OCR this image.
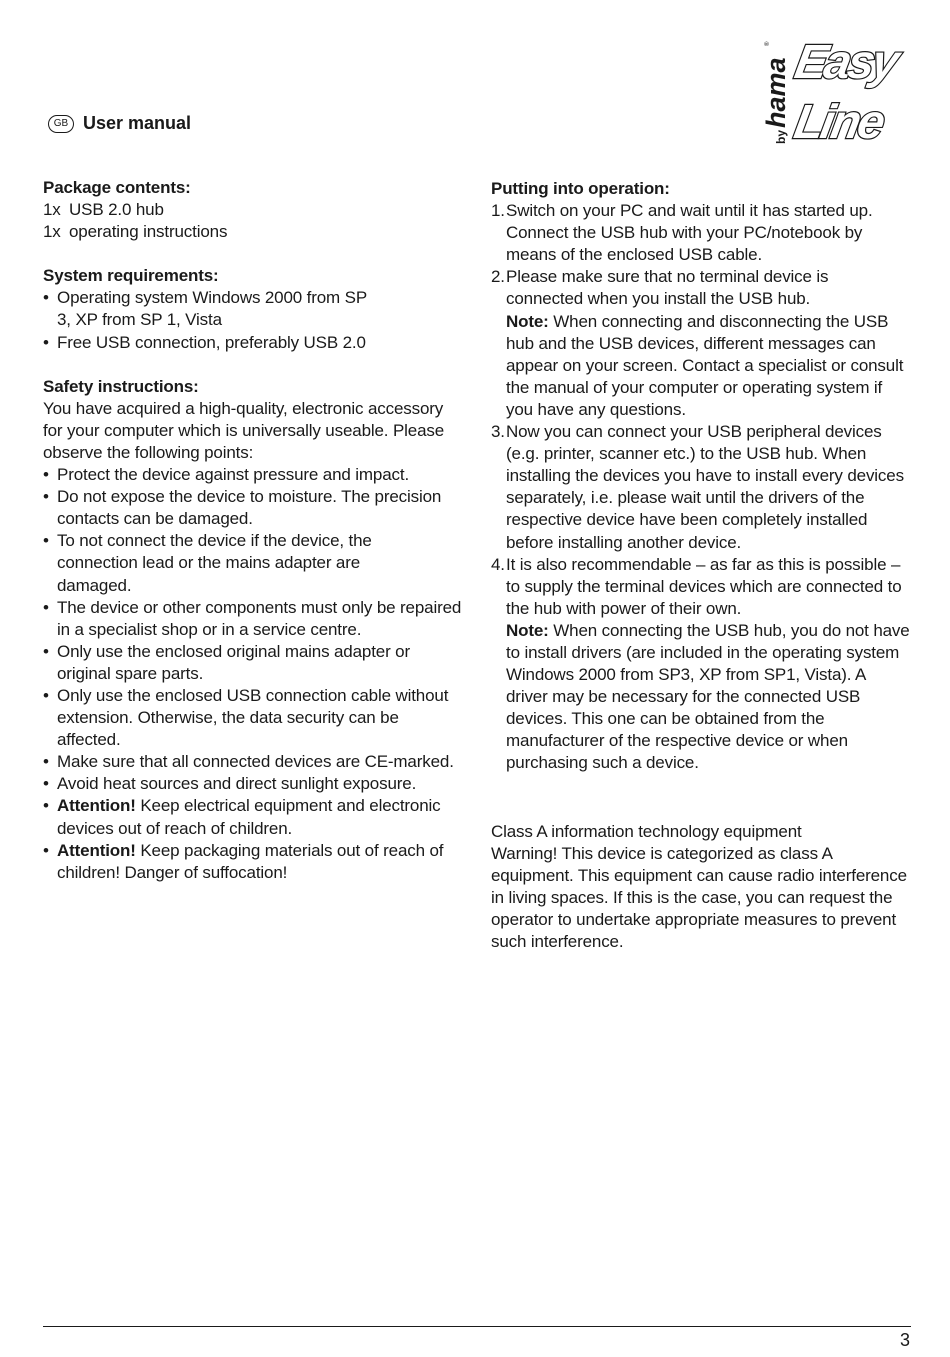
GB User manual
by
hama
® Easy
Line
Package contents:
1x USB 2.0 hub
1x operating instructions
System requirements:
• Operating system Windows 2000 from SP 3, XP from SP 1, Vista
• Free USB connection, preferably USB 2.0
Safety instructions:
You have acquired a high-quality, electronic accessory for your computer which is universally useable. Please observe the following points:
• Protect the device against pressure and impact.
• Do not expose the device to moisture. The precision contacts can be damaged.
• To not connect the device if the device, the connection lead or the mains adapter are damaged.
• The device or other components must only be repaired in a specialist shop or in a service centre.
• Only use the enclosed original mains adapter or original spare parts.
• Only use the enclosed USB connection cable without extension. Otherwise, the data security can be affected.
• Make sure that all connected devices are CE-marked.
• Avoid heat sources and direct sunlight exposure.
• Attention! Keep electrical equipment and electronic devices out of reach of children.
• Attention! Keep packaging materials out of reach of children! Danger of suffocation!
Putting into operation:
1. Switch on your PC and wait until it has started up. Connect the USB hub with your PC/notebook by means of the enclosed USB cable.
2. Please make sure that no terminal device is connected when you install the USB hub.
Note: When connecting and disconnecting the USB hub and the USB devices, different messages can appear on your screen. Contact a specialist or consult the manual of your computer or operating system if you have any questions.
3. Now you can connect your USB peripheral devices (e.g. printer, scanner etc.) to the USB hub. When installing the devices you have to install every devices separately, i.e. please wait until the drivers of the respective device have been completely installed before installing another device.
4. It is also recommendable – as far as this is possible – to supply the terminal devices which are connected to the hub with power of their own.
Note: When connecting the USB hub, you do not have to install drivers (are included in the operating system Windows 2000 from SP3, XP from SP1, Vista). A driver may be necessary for the connected USB devices. This one can be obtained from the manufacturer of the respective device or when purchasing such a device.
Class A information technology equipment
Warning! This device is categorized as class A equipment. This equipment can cause radio interference in living spaces. If this is the case, you can request the operator to undertake appropriate measures to prevent such interference.
3
